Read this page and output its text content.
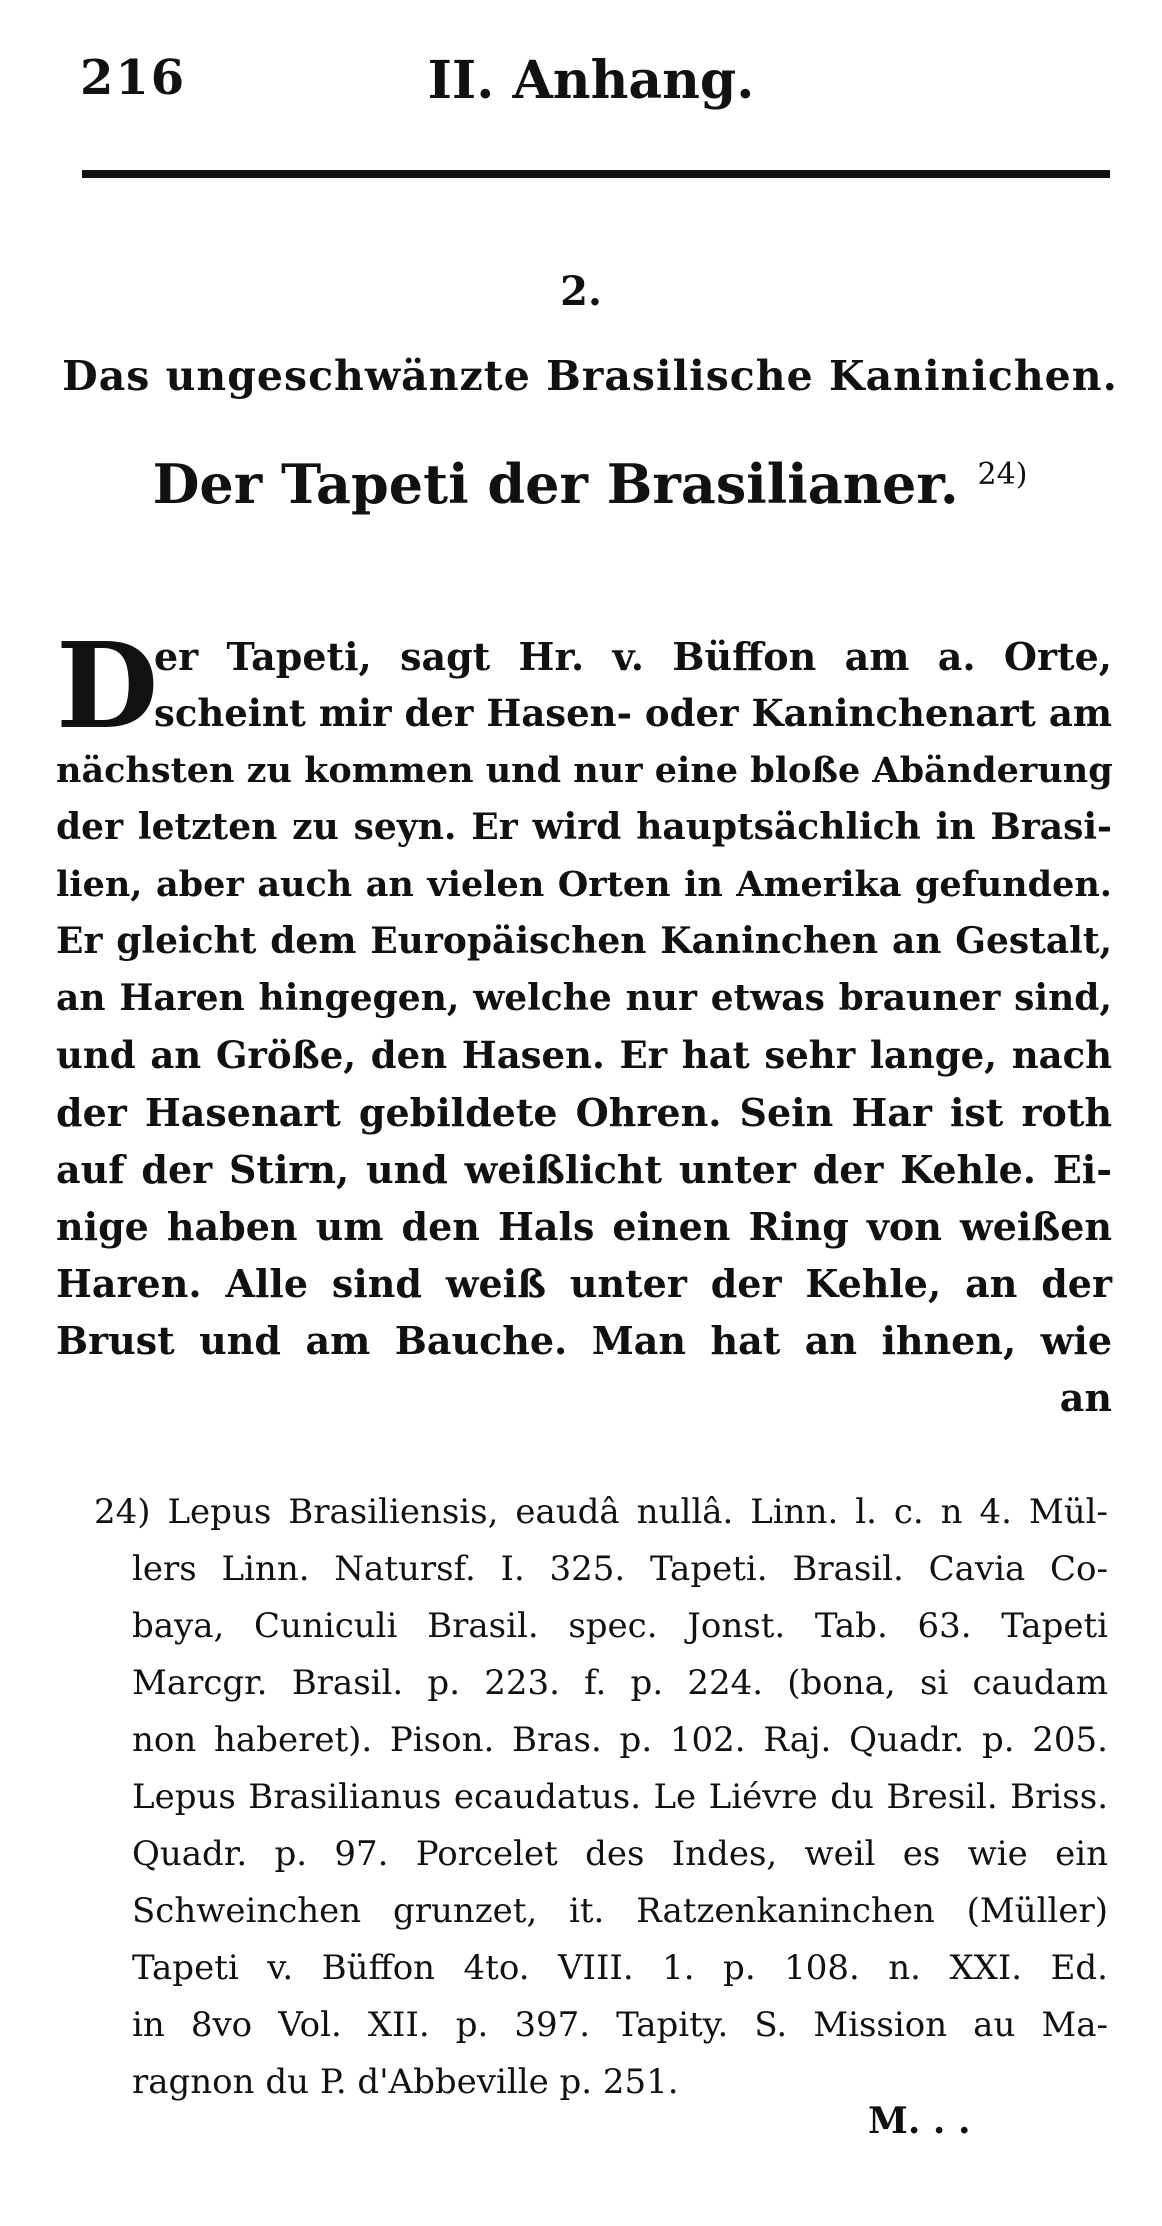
216	II. Anhang.
2.
Das ungeschwänzte Brasilische Kaninichen.
Der Tapeti der Brasilianer. $^{24)}$
D
er Tapeti, sagt Hr. v. Büffon am a. Orte,
scheint mir der Hasen- oder Kaninchenart am
nächsten zu kommen und nur eine bloße Abänderung
der letzten zu seyn. Er wird hauptsächlich in Brasi-
lien, aber auch an vielen Orten in Amerika gefunden.
Er gleicht dem Europäischen Kaninchen an Gestalt,
an Haren hingegen, welche nur etwas brauner sind,
und an Größe, den Hasen. Er hat sehr lange, nach
der Hasenart gebildete Ohren. Sein Har ist roth
auf der Stirn, und weißlicht unter der Kehle. Ei-
nige haben um den Hals einen Ring von weißen
Haren. Alle sind weiß unter der Kehle, an der
Brust und am Bauche. Man hat an ihnen, wie
an
24) Lepus Brasiliensis, eaudâ nullâ. Linn. l. c. n 4. Mül-
lers Linn. Natursf. I. 325. Tapeti. Brasil. Cavia Co-
baya, Cuniculi Brasil. spec. Jonst. Tab. 63. Tapeti
Marcgr. Brasil. p. 223. f. p. 224. (bona, si caudam
non haberet). Pison. Bras. p. 102. Raj. Quadr. p. 205.
Lepus Brasilianus ecaudatus. Le Liévre du Bresil. Briss.
Quadr. p. 97. Porcelet des Indes, weil es wie ein
Schweinchen grunzet, it. Ratzenkaninchen (Müller)
Tapeti v. Büffon 4to. VIII. 1. p. 108. n. XXI. Ed.
in 8vo Vol. XII. p. 397. Tapity. S. Mission au Ma-
ragnon du P. d'Abbeville p. 251.
M. . .
